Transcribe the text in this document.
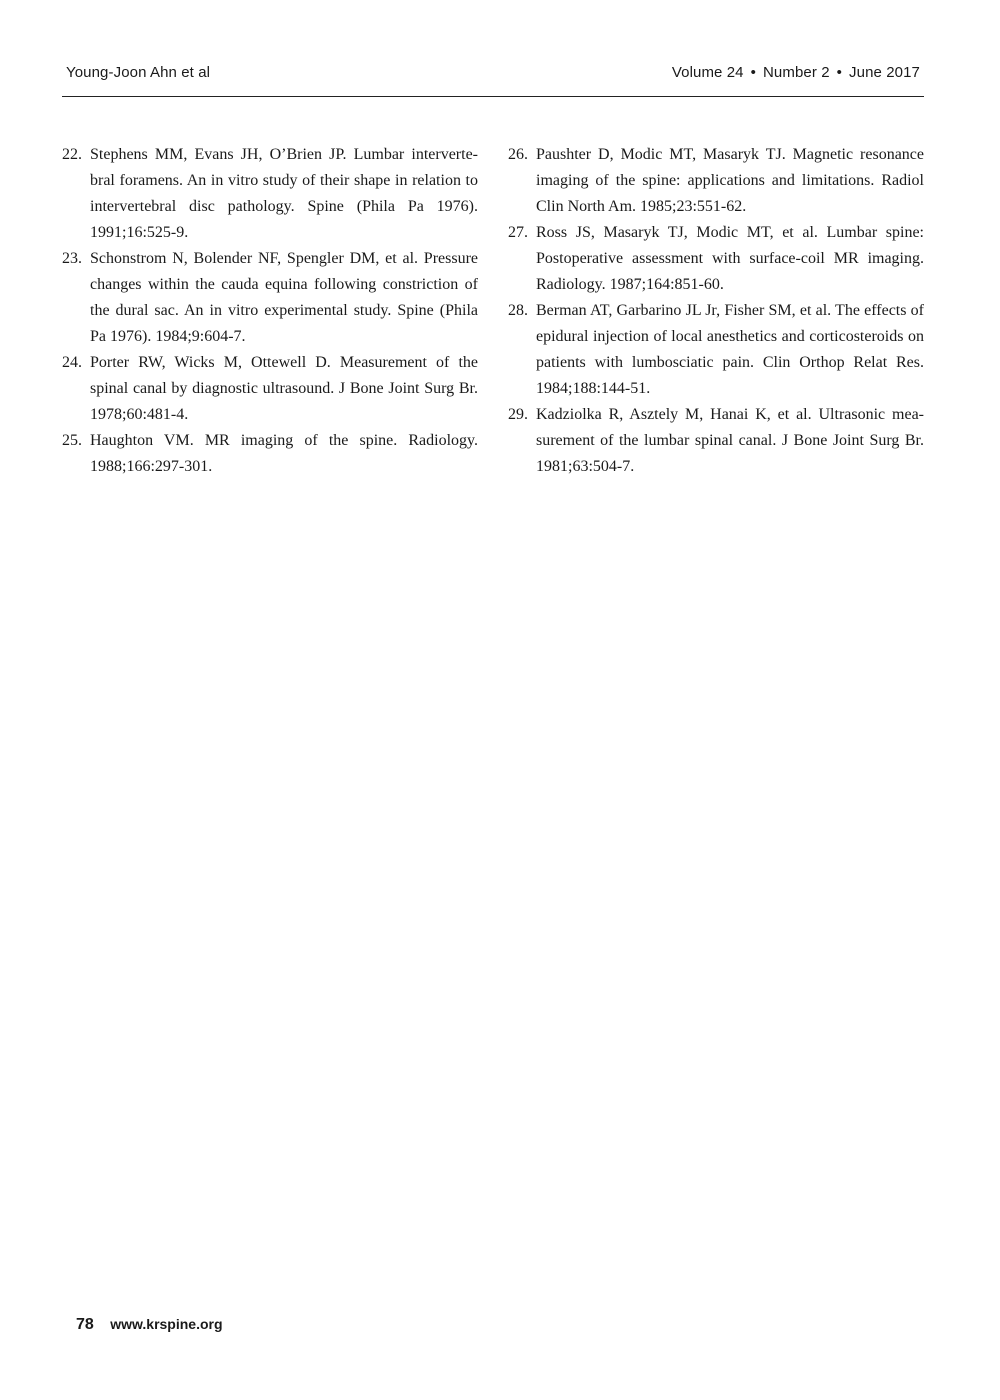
Young-Joon Ahn et al	Volume 24 • Number 2 • June 2017

22. Stephens MM, Evans JH, O’Brien JP. Lumbar interverte-bral foramens. An in vitro study of their shape in relation to intervertebral disc pathology. Spine (Phila Pa 1976). 1991;16:525-9.

23. Schonstrom N, Bolender NF, Spengler DM, et al. Pressure changes within the cauda equina following constriction of the dural sac. An in vitro experimental study. Spine (Phila Pa 1976). 1984;9:604-7.

24. Porter RW, Wicks M, Ottewell D. Measurement of the spinal canal by diagnostic ultrasound. J Bone Joint Surg Br. 1978;60:481-4.

25. Haughton VM. MR imaging of the spine. Radiology. 1988;166:297-301.

26. Paushter D, Modic MT, Masaryk TJ. Magnetic resonance imaging of the spine: applications and limitations. Radiol Clin North Am. 1985;23:551-62.

27. Ross JS, Masaryk TJ, Modic MT, et al. Lumbar spine: Postoperative assessment with surface-coil MR imaging. Radiology. 1987;164:851-60.

28. Berman AT, Garbarino JL Jr, Fisher SM, et al. The effects of epidural injection of local anesthetics and corticosteroids on patients with lumbosciatic pain. Clin Orthop Relat Res. 1984;188:144-51.

29. Kadziolka R, Asztely M, Hanai K, et al. Ultrasonic mea-surement of the lumbar spinal canal. J Bone Joint Surg Br. 1981;63:504-7.

78 www.krspine.org
